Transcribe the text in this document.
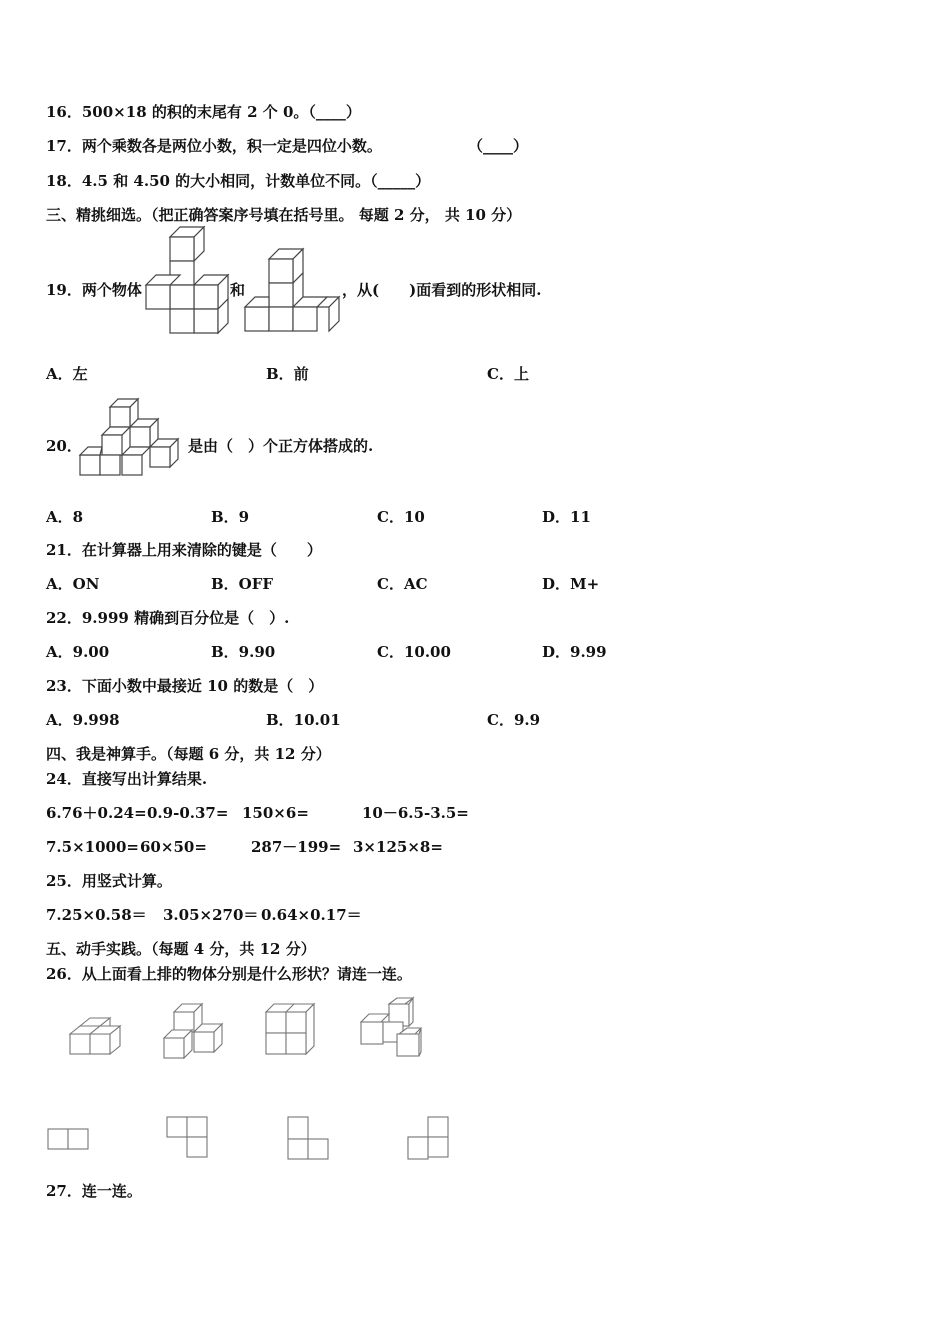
16．500×18 的积的末尾有 2 个 0。（____）
17．两个乘数各是两位小数，积一定是四位小数。	（____）
18．4.5 和 4.50 的大小相同，计数单位不同。（_____）
三、精挑细选。（把正确答案序号填在括号里。 每题 2 分， 共 10 分）
19．两个物体	和	，从(　　)面看到的形状相同.
A．左	B．前	C．上
20．	是由（　）个正方体搭成的.
A．8	B．9	C．10	D．11
21．在计算器上用来清除的键是（　　）
A．ON	B．OFF	C．AC	D．M+
22．9.999 精确到百分位是（　）.
A．9.00	B．9.90	C．10.00	D．9.99
23．下面小数中最接近 10 的数是（　）
A．9.998	B．10.01	C．9.9
四、我是神算手。（每题 6 分，共 12 分）
24．直接写出计算结果.
6.76＋0.24= 0.9-0.37= 150×6=	10－6.5-3.5=
7.5×1000= 60×50=	287－199= 3×125×8=
25．用竖式计算。
7.25×0.58＝ 3.05×270＝ 0.64×0.17＝
五、动手实践。（每题 4 分，共 12 分）
26．从上面看上排的物体分别是什么形状？请连一连。
27．连一连。
